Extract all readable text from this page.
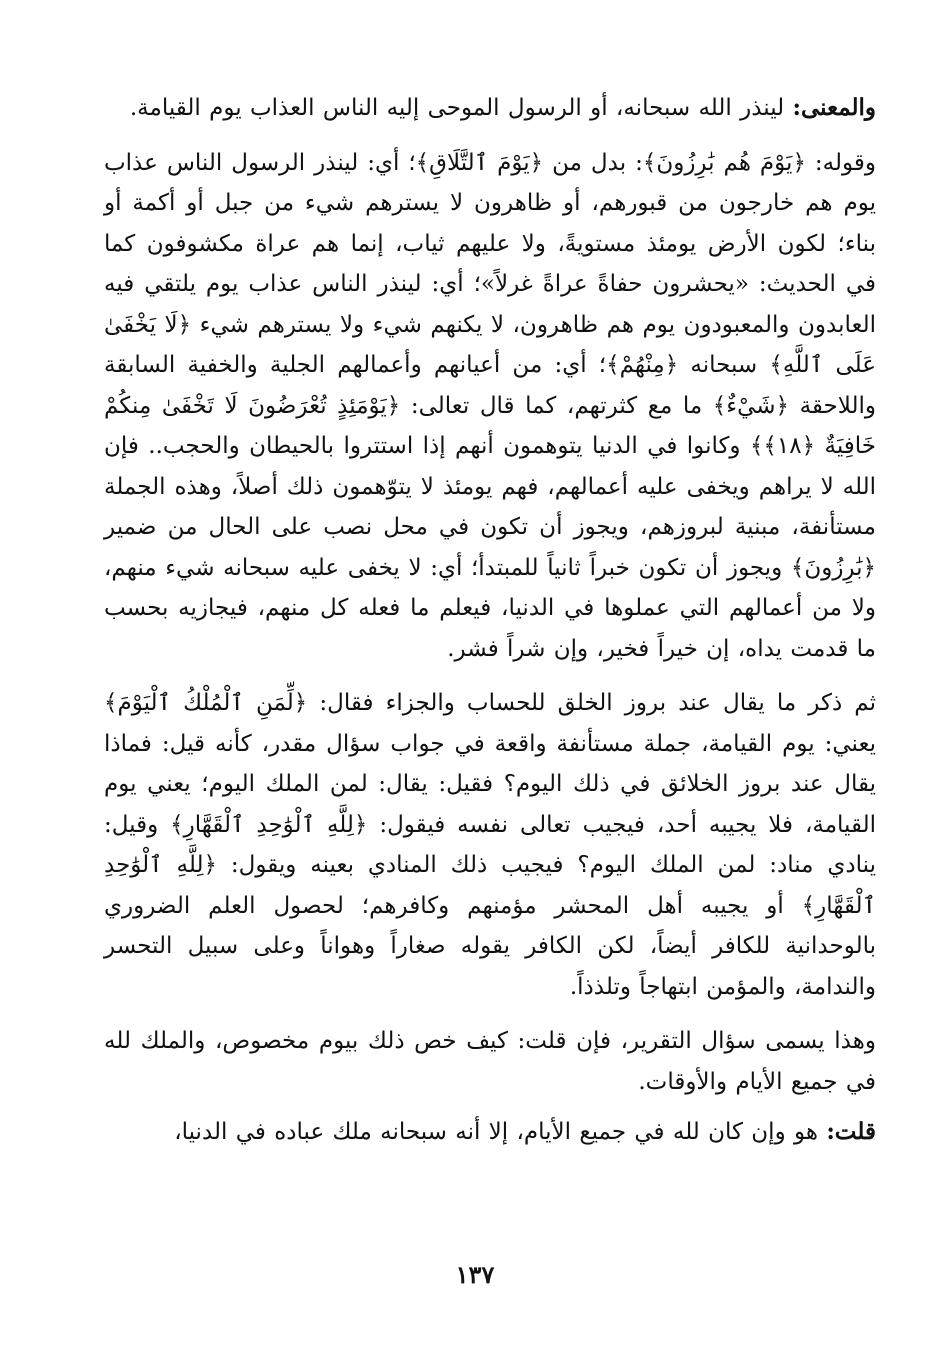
والمعنى: لينذر الله سبحانه، أو الرسول الموحى إليه الناس العذاب يوم القيامة.

وقوله: ﴿يَوْمَ هُم بَٰرِزُونَ﴾: بدل من ﴿يَوْمَ ٱلتَّلَاقِ﴾؛ أي: لينذر الرسول الناس عذاب يوم هم خارجون من قبورهم، أو ظاهرون لا يسترهم شيء من جبل أو أكمة أو بناء؛ لكون الأرض يومئذ مستويةً، ولا عليهم ثياب، إنما هم عراة مكشوفون كما في الحديث: «يحشرون حفاةً عراةً غرلاً»؛ أي: لينذر الناس عذاب يوم يلتقي فيه العابدون والمعبودون يوم هم ظاهرون، لا يكنهم شيء ولا يسترهم شيء ﴿لَا يَخْفَىٰ عَلَى ٱللَّهِ﴾ سبحانه ﴿مِنْهُمْ﴾؛ أي: من أعيانهم وأعمالهم الجلية والخفية السابقة واللاحقة ﴿شَيْءٌ﴾ ما مع كثرتهم، كما قال تعالى: ﴿يَوْمَئِذٍ تُعْرَضُونَ لَا تَخْفَىٰ مِنكُمْ خَافِيَةٌ ﴿١٨﴾﴾ وكانوا في الدنيا يتوهمون أنهم إذا استتروا بالحيطان والحجب.. فإن الله لا يراهم ويخفى عليه أعمالهم، فهم يومئذ لا يتوّهمون ذلك أصلاً، وهذه الجملة مستأنفة، مبنية لبروزهم، ويجوز أن تكون في محل نصب على الحال من ضمير ﴿بَٰرِزُونَ﴾ ويجوز أن تكون خبراً ثانياً للمبتدأ؛ أي: لا يخفى عليه سبحانه شيء منهم، ولا من أعمالهم التي عملوها في الدنيا، فيعلم ما فعله كل منهم، فيجازيه بحسب ما قدمت يداه، إن خيراً فخير، وإن شراً فشر.

ثم ذكر ما يقال عند بروز الخلق للحساب والجزاء فقال: ﴿لِّمَنِ ٱلْمُلْكُ ٱلْيَوْمَ﴾ يعني: يوم القيامة، جملة مستأنفة واقعة في جواب سؤال مقدر، كأنه قيل: فماذا يقال عند بروز الخلائق في ذلك اليوم؟ فقيل: يقال: لمن الملك اليوم؛ يعني يوم القيامة، فلا يجيبه أحد، فيجيب تعالى نفسه فيقول: ﴿لِلَّهِ ٱلْوَٰحِدِ ٱلْقَهَّارِ﴾ وقيل: ينادي مناد: لمن الملك اليوم؟ فيجيب ذلك المنادي بعينه ويقول: ﴿لِلَّهِ ٱلْوَٰحِدِ ٱلْقَهَّارِ﴾ أو يجيبه أهل المحشر مؤمنهم وكافرهم؛ لحصول العلم الضروري بالوحدانية للكافر أيضاً، لكن الكافر يقوله صغاراً وهواناً وعلى سبيل التحسر والندامة، والمؤمن ابتهاجاً وتلذذاً.

وهذا يسمى سؤال التقرير، فإن قلت: كيف خص ذلك بيوم مخصوص، والملك لله في جميع الأيام والأوقات.

قلت: هو وإن كان لله في جميع الأيام، إلا أنه سبحانه ملك عباده في الدنيا،

١٣٧
